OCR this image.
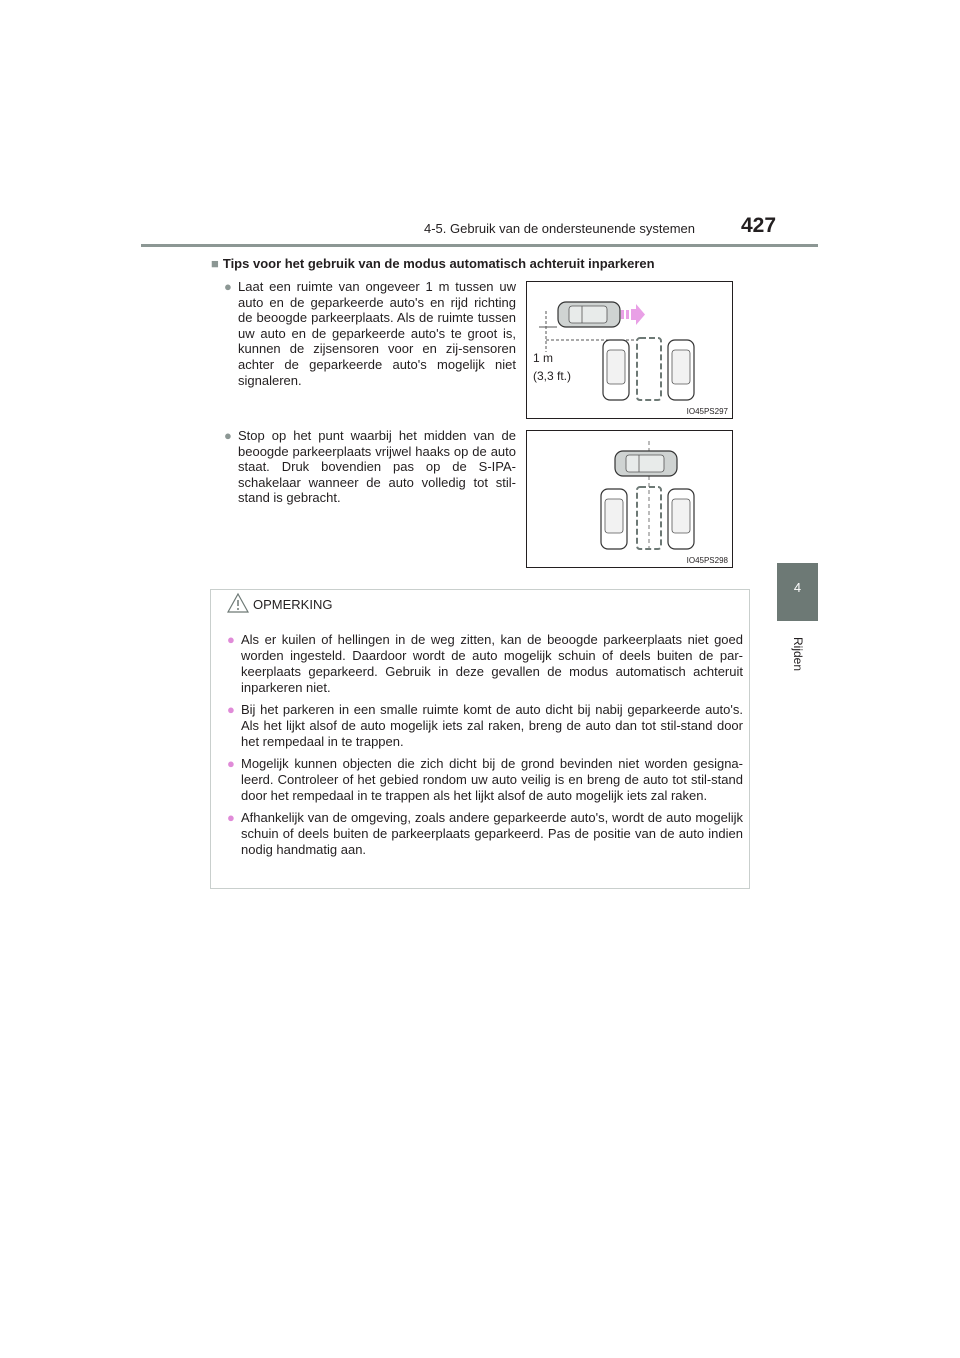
4-5. Gebruik van de ondersteunende systemen 427
4
Rijden
■ Tips voor het gebruik van de modus automatisch achteruit inparkeren
● Laat een ruimte van ongeveer 1 m tussen uw auto en de geparkeerde auto's en rijd richting de beoogde parkeerplaats. Als de ruimte tussen uw auto en de geparkeerde auto's te groot is, kunnen de zijsensoren voor en zij-sensoren achter de geparkeerde auto's mogelijk niet signaleren.
1 m
(3,3 ft.)
IO45PS297
● Stop op het punt waarbij het midden van de beoogde parkeerplaats vrijwel haaks op de auto staat. Druk bovendien pas op de S-IPA-schakelaar wanneer de auto volledig tot stil-stand is gebracht.
IO45PS298
OPMERKING
● Als er kuilen of hellingen in de weg zitten, kan de beoogde parkeerplaats niet goed worden ingesteld. Daardoor wordt de auto mogelijk schuin of deels buiten de par-keerplaats geparkeerd. Gebruik in deze gevallen de modus automatisch achteruit inparkeren niet.
● Bij het parkeren in een smalle ruimte komt de auto dicht bij nabij geparkeerde auto's. Als het lijkt alsof de auto mogelijk iets zal raken, breng de auto dan tot stil-stand door het rempedaal in te trappen.
● Mogelijk kunnen objecten die zich dicht bij de grond bevinden niet worden gesigna-leerd. Controleer of het gebied rondom uw auto veilig is en breng de auto tot stil-stand door het rempedaal in te trappen als het lijkt alsof de auto mogelijk iets zal raken.
● Afhankelijk van de omgeving, zoals andere geparkeerde auto's, wordt de auto mogelijk schuin of deels buiten de parkeerplaats geparkeerd. Pas de positie van de auto indien nodig handmatig aan.
